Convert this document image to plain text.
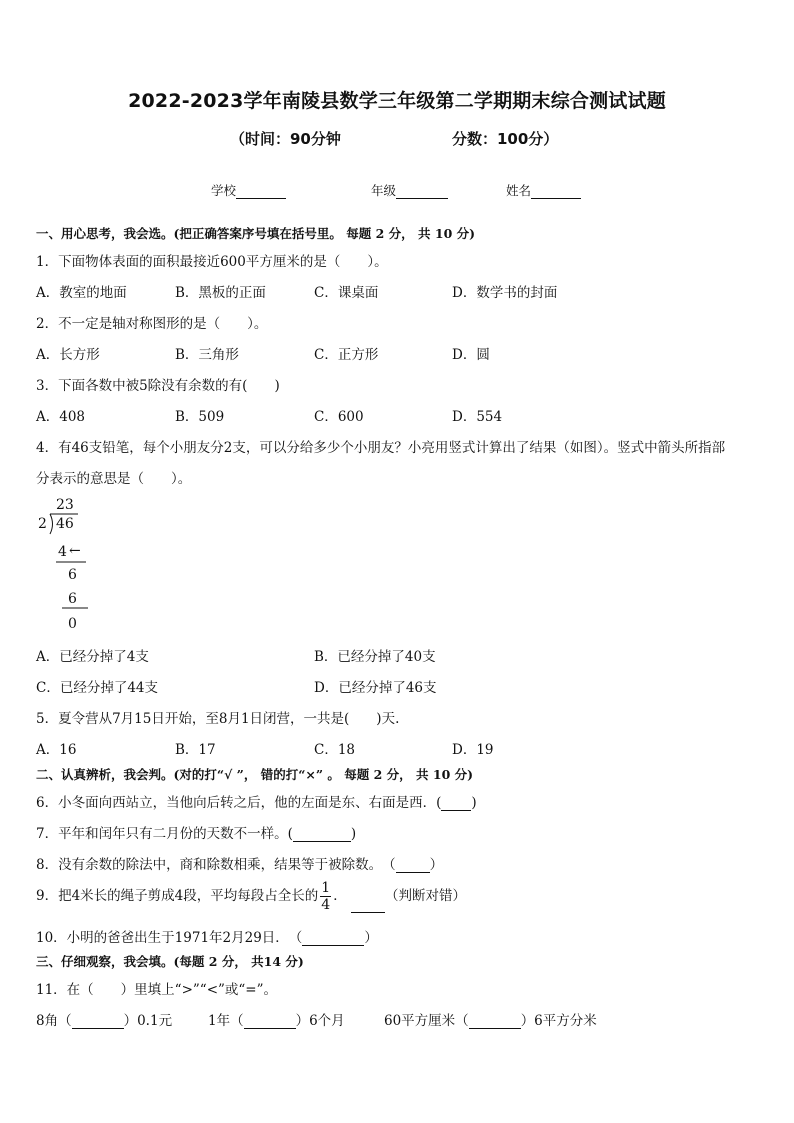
2022-2023学年南陵县数学三年级第二学期期末综合测试试题
（时间：90分钟	分数：100分）
学校	年级	姓名
一、用心思考，我会选。(把正确答案序号填在括号里。 每题 2 分， 共 10 分)
1．下面物体表面的面积最接近600平方厘米的是（　　）。
A．教室的地面	B．黑板的正面	C．课桌面	D．数学书的封面
2．不一定是轴对称图形的是（　　）。
A．长方形	B．三角形	C．正方形	D．圆
3．下面各数中被5除没有余数的有(　　)
A．408	B．509	C．600	D．554
4．有46支铅笔，每个小朋友分2支，可以分给多少个小朋友？小亮用竖式计算出了结果（如图）。竖式中箭头所指部
分表示的意思是（　　）。
23
2 46
4 ←
6
6
0
A．已经分掉了4支	B．已经分掉了40支
C．已经分掉了44支	D．已经分掉了46支
5．夏令营从7月15日开始，至8月1日闭营，一共是(　　)天.
A．16	B．17	C．18	D．19
二、认真辨析，我会判。(对的打“√ ”， 错的打“×” 。 每题 2 分， 共 10 分)
6．小冬面向西站立，当他向后转之后，他的左面是东、右面是西．( )
7．平年和闰年只有二月份的天数不一样。(	)
8．没有余数的除法中，商和除数相乘，结果等于被除数。　（	）
9．把4米长的绳子剪成4段，平均每段占全长的 $\frac{1}{4}$ ．	（判断对错）
10．小明的爸爸出生于1971年2月29日．　（	）
三、仔细观察，我会填。(每题 2 分， 共14 分)
11．在（　　）里填上“>”“<”或“=”。
8角（	）0.1元	1年（	）6个月	60平方厘米（	）6平方分米
